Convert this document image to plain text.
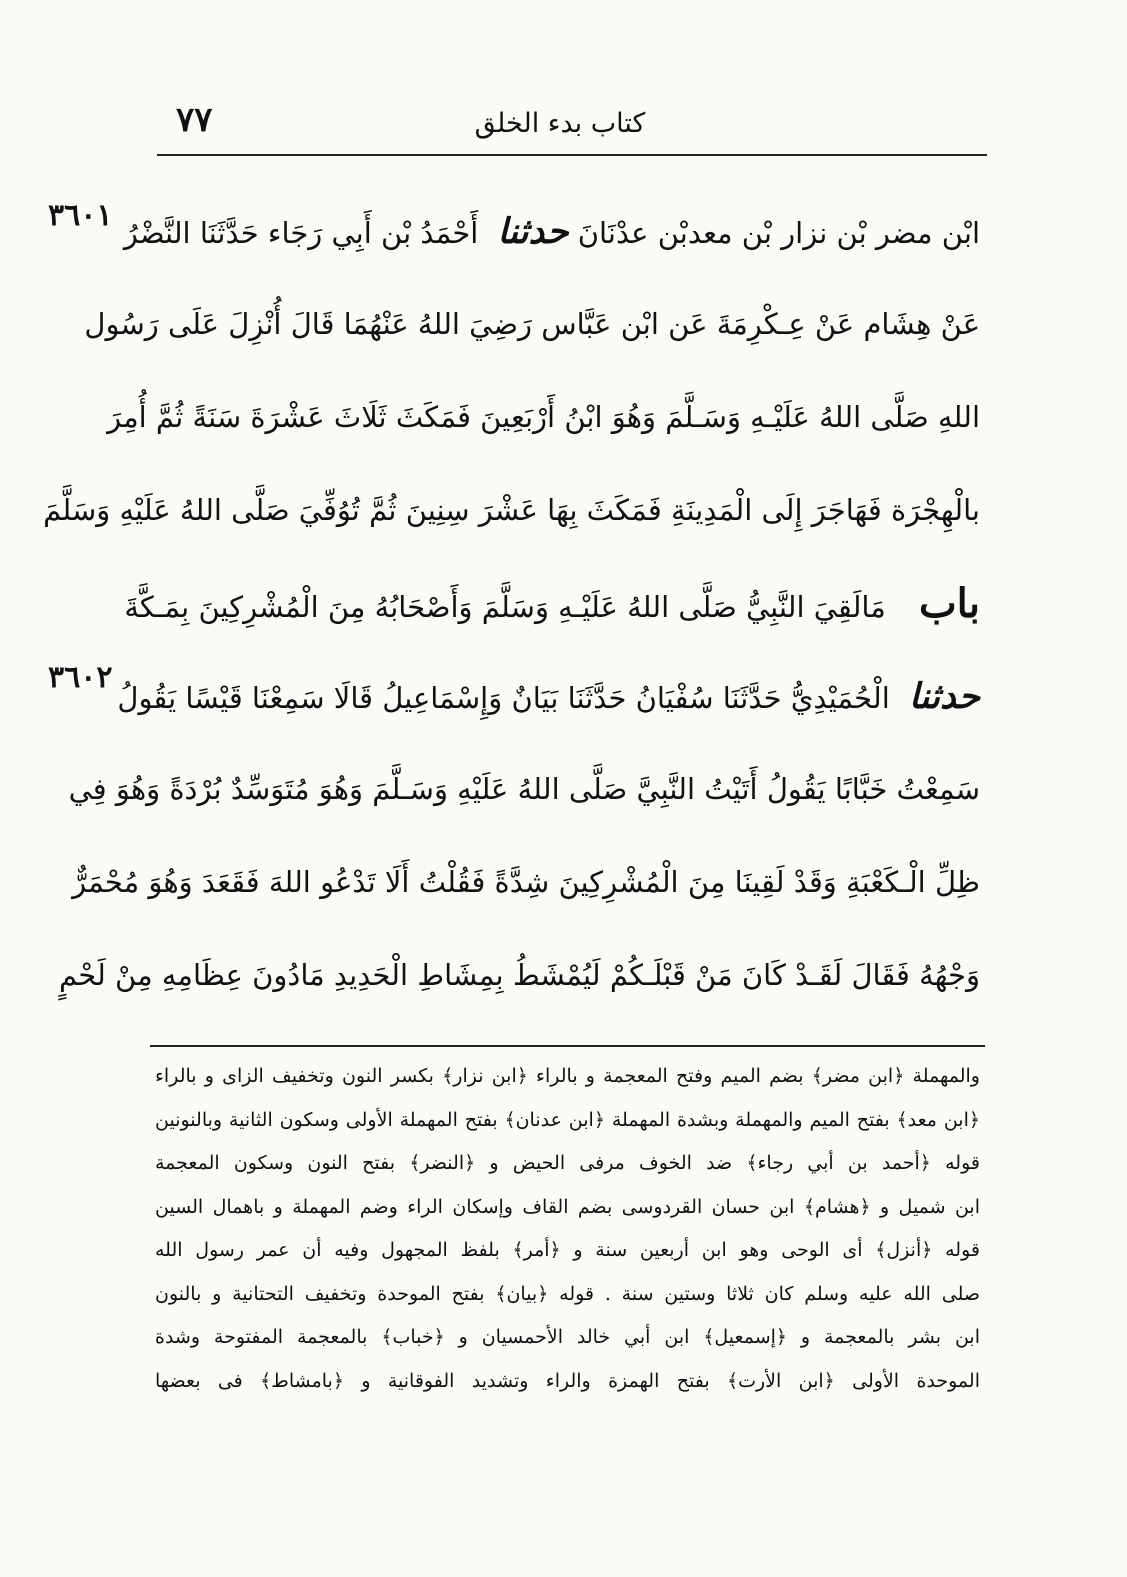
٧٧	كتاب بدء الخلق
٣٦٠١
٣٦٠٢
ابْن مضر بْن نزار بْن معدبْن عدْنَانَ حدثنا أَحْمَدُ بْن أَبِي رَجَاء حَدَّثَنَا النَّضْرُ
عَنْ هِشَام عَنْ عِـكْرِمَةَ عَن ابْن عَبَّاس رَضِيَ اللهُ عَنْهُمَا قَالَ أُنْزِلَ عَلَى رَسُول
اللهِ صَلَّى اللهُ عَلَيْـهِ وَسَـلَّمَ وَهُوَ ابْنُ أَرْبَعِينَ فَمَكَثَ ثَلَاثَ عَشْرَةَ سَنَةً ثُمَّ أُمِرَ
بالْهِجْرَة فَهَاجَرَ إِلَى الْمَدِينَةِ فَمَكَثَ بِهَا عَشْرَ سِنِينَ ثُمَّ تُوُفِّيَ صَلَّى اللهُ عَلَيْهِ وَسَلَّمَ
باب مَالَقِيَ النَّبِيُّ صَلَّى اللهُ عَلَيْـهِ وَسَلَّمَ وَأَصْحَابُهُ مِنَ الْمُشْرِكِينَ بِمَـكَّةَ
حدثنا الْحُمَيْدِيُّ حَدَّثَنَا سُفْيَانُ حَدَّثَنَا بَيَانٌ وَإِسْمَاعِيلُ قَالَا سَمِعْنَا قَيْسًا يَقُولُ
سَمِعْتُ خَبَّابًا يَقُولُ أَتَيْتُ النَّبِيَّ صَلَّى اللهُ عَلَيْهِ وَسَـلَّمَ وَهُوَ مُتَوَسِّدٌ بُرْدَةً وَهُوَ فِي
ظِلِّ الْـكَعْبَةِ وَقَدْ لَقِينَا مِنَ الْمُشْرِكِينَ شِدَّةً فَقُلْتُ أَلَا تَدْعُو اللهَ فَقَعَدَ وَهُوَ مُحْمَرٌّ
وَجْهُهُ فَقَالَ لَقَـدْ كَانَ مَنْ قَبْلَـكُمْ لَيُمْشَطُ بِمِشَاطِ الْحَدِيدِ مَادُونَ عِظَامِهِ مِنْ لَحْمٍ
والمهملة ﴿ابن مضر﴾ بضم الميم وفتح المعجمة و بالراء ﴿ابن نزار﴾ بكسر النون وتخفيف الزاى و بالراء
﴿ابن معد﴾ بفتح الميم والمهملة وبشدة المهملة ﴿ابن عدنان﴾ بفتح المهملة الأولى وسكون الثانية وبالنونين
قوله ﴿أحمد بن أبي رجاء﴾ ضد الخوف مرفى الحيض و ﴿النضر﴾ بفتح النون وسكون المعجمة
ابن شميل و ﴿هشام﴾ ابن حسان القردوسى بضم القاف وإسكان الراء وضم المهملة و باهمال السين
قوله ﴿أنزل﴾ أى الوحى وهو ابن أربعين سنة و ﴿أمر﴾ بلفظ المجهول وفيه أن عمر رسول الله
صلى الله عليه وسلم كان ثلاثا وستين سنة . قوله ﴿بيان﴾ بفتح الموحدة وتخفيف التحتانية و بالنون
ابن بشر بالمعجمة و ﴿إسمعيل﴾ ابن أبي خالد الأحمسيان و ﴿خباب﴾ بالمعجمة المفتوحة وشدة
الموحدة الأولى ﴿ابن الأرت﴾ بفتح الهمزة والراء وتشديد الفوقانية و ﴿بامشاط﴾ فى بعضها
